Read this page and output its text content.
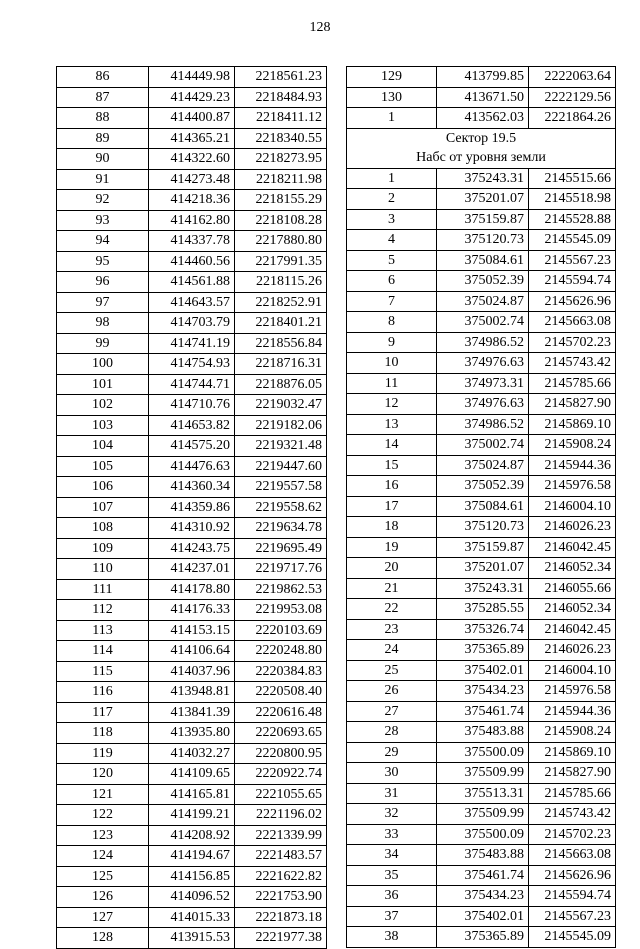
128
86	414449.98	2218561.23
87	414429.23	2218484.93
88	414400.87	2218411.12
89	414365.21	2218340.55
90	414322.60	2218273.95
91	414273.48	2218211.98
92	414218.36	2218155.29
93	414162.80	2218108.28
94	414337.78	2217880.80
95	414460.56	2217991.35
96	414561.88	2218115.26
97	414643.57	2218252.91
98	414703.79	2218401.21
99	414741.19	2218556.84
100	414754.93	2218716.31
101	414744.71	2218876.05
102	414710.76	2219032.47
103	414653.82	2219182.06
104	414575.20	2219321.48
105	414476.63	2219447.60
106	414360.34	2219557.58
107	414359.86	2219558.62
108	414310.92	2219634.78
109	414243.75	2219695.49
110	414237.01	2219717.76
111	414178.80	2219862.53
112	414176.33	2219953.08
113	414153.15	2220103.69
114	414106.64	2220248.80
115	414037.96	2220384.83
116	413948.81	2220508.40
117	413841.39	2220616.48
118	413935.80	2220693.65
119	414032.27	2220800.95
120	414109.65	2220922.74
121	414165.81	2221055.65
122	414199.21	2221196.02
123	414208.92	2221339.99
124	414194.67	2221483.57
125	414156.85	2221622.82
126	414096.52	2221753.90
127	414015.33	2221873.18
128	413915.53	2221977.38
129	413799.85	2222063.64
130	413671.50	2222129.56
1	413562.03	2221864.26
Сектор 19.5		
Набс от уровня земли		
1	375243.31	2145515.66
2	375201.07	2145518.98
3	375159.87	2145528.88
4	375120.73	2145545.09
5	375084.61	2145567.23
6	375052.39	2145594.74
7	375024.87	2145626.96
8	375002.74	2145663.08
9	374986.52	2145702.23
10	374976.63	2145743.42
11	374973.31	2145785.66
12	374976.63	2145827.90
13	374986.52	2145869.10
14	375002.74	2145908.24
15	375024.87	2145944.36
16	375052.39	2145976.58
17	375084.61	2146004.10
18	375120.73	2146026.23
19	375159.87	2146042.45
20	375201.07	2146052.34
21	375243.31	2146055.66
22	375285.55	2146052.34
23	375326.74	2146042.45
24	375365.89	2146026.23
25	375402.01	2146004.10
26	375434.23	2145976.58
27	375461.74	2145944.36
28	375483.88	2145908.24
29	375500.09	2145869.10
30	375509.99	2145827.90
31	375513.31	2145785.66
32	375509.99	2145743.42
33	375500.09	2145702.23
34	375483.88	2145663.08
35	375461.74	2145626.96
36	375434.23	2145594.74
37	375402.01	2145567.23
38	375365.89	2145545.09
